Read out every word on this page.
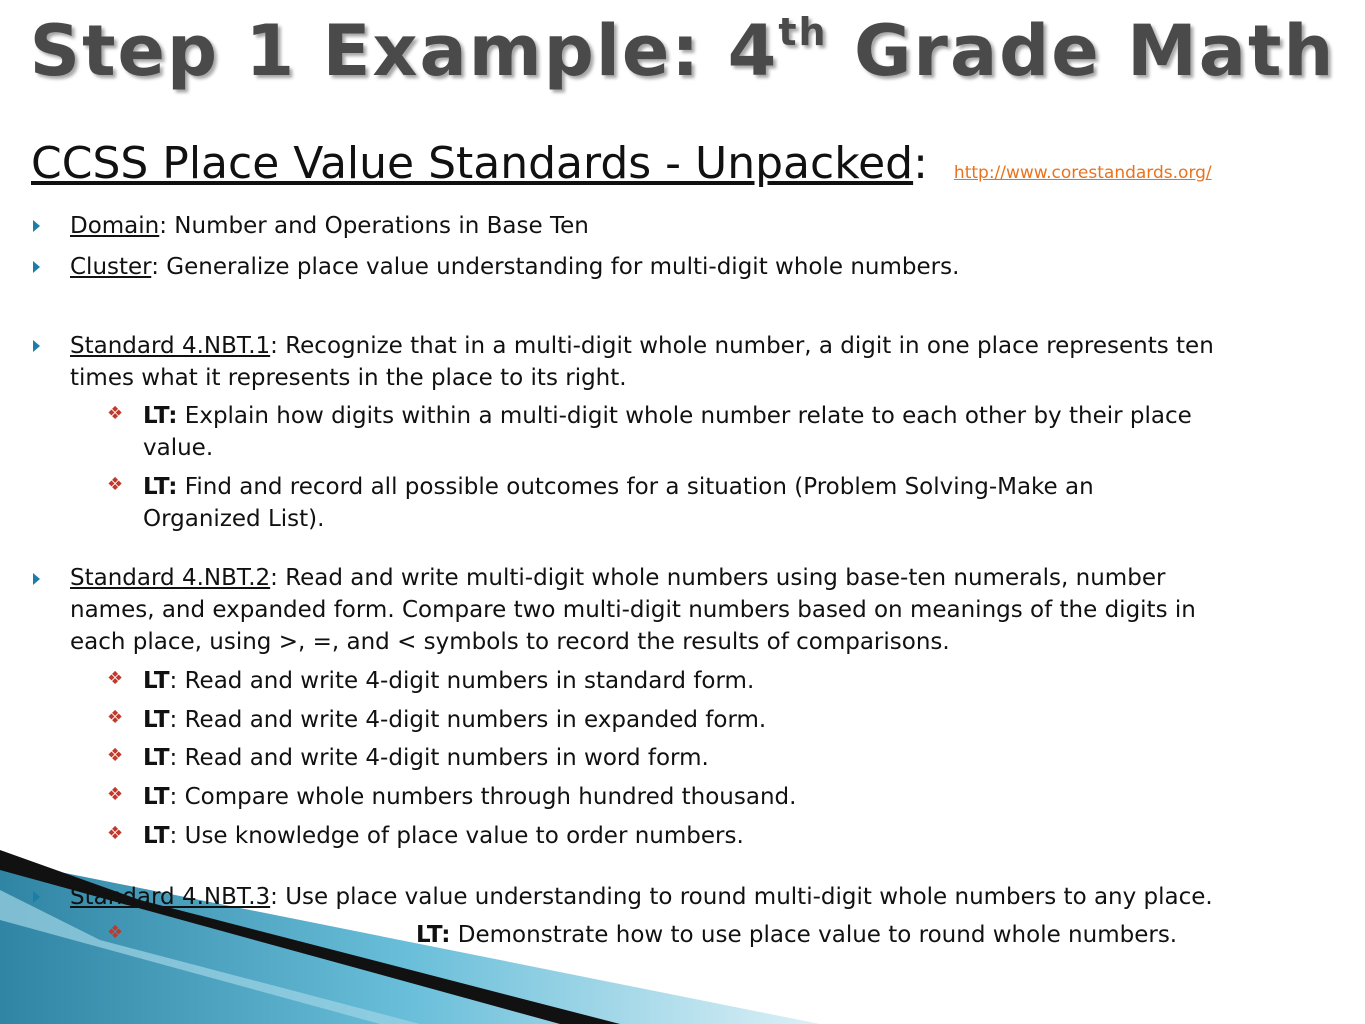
Step 1 Example: 4th Grade Math
CCSS Place Value Standards - Unpacked: http://www.corestandards.org/
Domain: Number and Operations in Base Ten
Cluster: Generalize place value understanding for multi-digit whole numbers.
Standard 4.NBT.1: Recognize that in a multi-digit whole number, a digit in one place represents ten
times what it represents in the place to its right.
❖ LT: Explain how digits within a multi-digit whole number relate to each other by their place
value.
❖ LT: Find and record all possible outcomes for a situation (Problem Solving-Make an
Organized List).
Standard 4.NBT.2: Read and write multi-digit whole numbers using base-ten numerals, number
names, and expanded form. Compare two multi-digit numbers based on meanings of the digits in
each place, using >, =, and < symbols to record the results of comparisons.
❖ LT: Read and write 4-digit numbers in standard form.
❖ LT: Read and write 4-digit numbers in expanded form.
❖ LT: Read and write 4-digit numbers in word form.
❖ LT: Compare whole numbers through hundred thousand.
❖ LT: Use knowledge of place value to order numbers.
Standard 4.NBT.3: Use place value understanding to round multi-digit whole numbers to any place.
❖	LT: Demonstrate how to use place value to round whole numbers.
